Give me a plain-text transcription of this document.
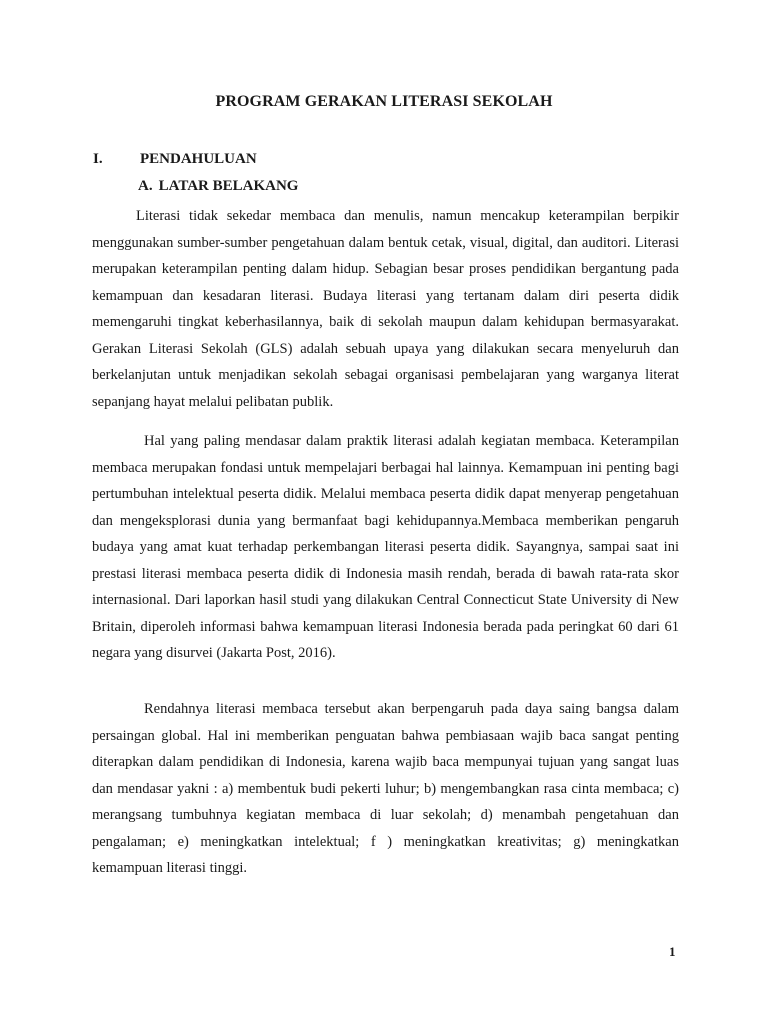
PROGRAM GERAKAN LITERASI SEKOLAH
I. PENDAHULUAN
A. LATAR BELAKANG

Literasi tidak sekedar membaca dan menulis, namun mencakup keterampilan berpikir menggunakan sumber-sumber pengetahuan dalam bentuk cetak, visual, digital, dan auditori. Literasi merupakan keterampilan penting dalam hidup. Sebagian besar proses pendidikan bergantung pada kemampuan dan kesadaran literasi. Budaya literasi yang tertanam dalam diri peserta didik memengaruhi tingkat keberhasilannya, baik di sekolah maupun dalam kehidupan bermasyarakat. Gerakan Literasi Sekolah (GLS) adalah sebuah upaya yang dilakukan secara menyeluruh dan berkelanjutan untuk menjadikan sekolah sebagai organisasi pembelajaran yang warganya literat sepanjang hayat melalui pelibatan publik.

Hal yang paling mendasar dalam praktik literasi adalah kegiatan membaca. Keterampilan membaca merupakan fondasi untuk mempelajari berbagai hal lainnya. Kemampuan ini penting bagi pertumbuhan intelektual peserta didik. Melalui membaca peserta didik dapat menyerap pengetahuan dan mengeksplorasi dunia yang bermanfaat bagi kehidupannya.Membaca memberikan pengaruh budaya yang amat kuat terhadap perkembangan literasi peserta didik. Sayangnya, sampai saat ini prestasi literasi membaca peserta didik di Indonesia masih rendah, berada di bawah rata-rata skor internasional. Dari laporkan hasil studi yang dilakukan Central Connecticut State University di New Britain, diperoleh informasi bahwa kemampuan literasi Indonesia berada pada peringkat 60 dari 61 negara yang disurvei (Jakarta Post, 2016).

Rendahnya literasi membaca tersebut akan berpengaruh pada daya saing bangsa dalam persaingan global. Hal ini memberikan penguatan bahwa pembiasaan wajib baca sangat penting diterapkan dalam pendidikan di Indonesia, karena wajib baca mempunyai tujuan yang sangat luas dan mendasar yakni : a) membentuk budi pekerti luhur; b) mengembangkan rasa cinta membaca; c) merangsang tumbuhnya kegiatan membaca di luar sekolah; d) menambah pengetahuan dan pengalaman; e) meningkatkan intelektual; f ) meningkatkan kreativitas; g) meningkatkan kemampuan literasi tinggi.

1
